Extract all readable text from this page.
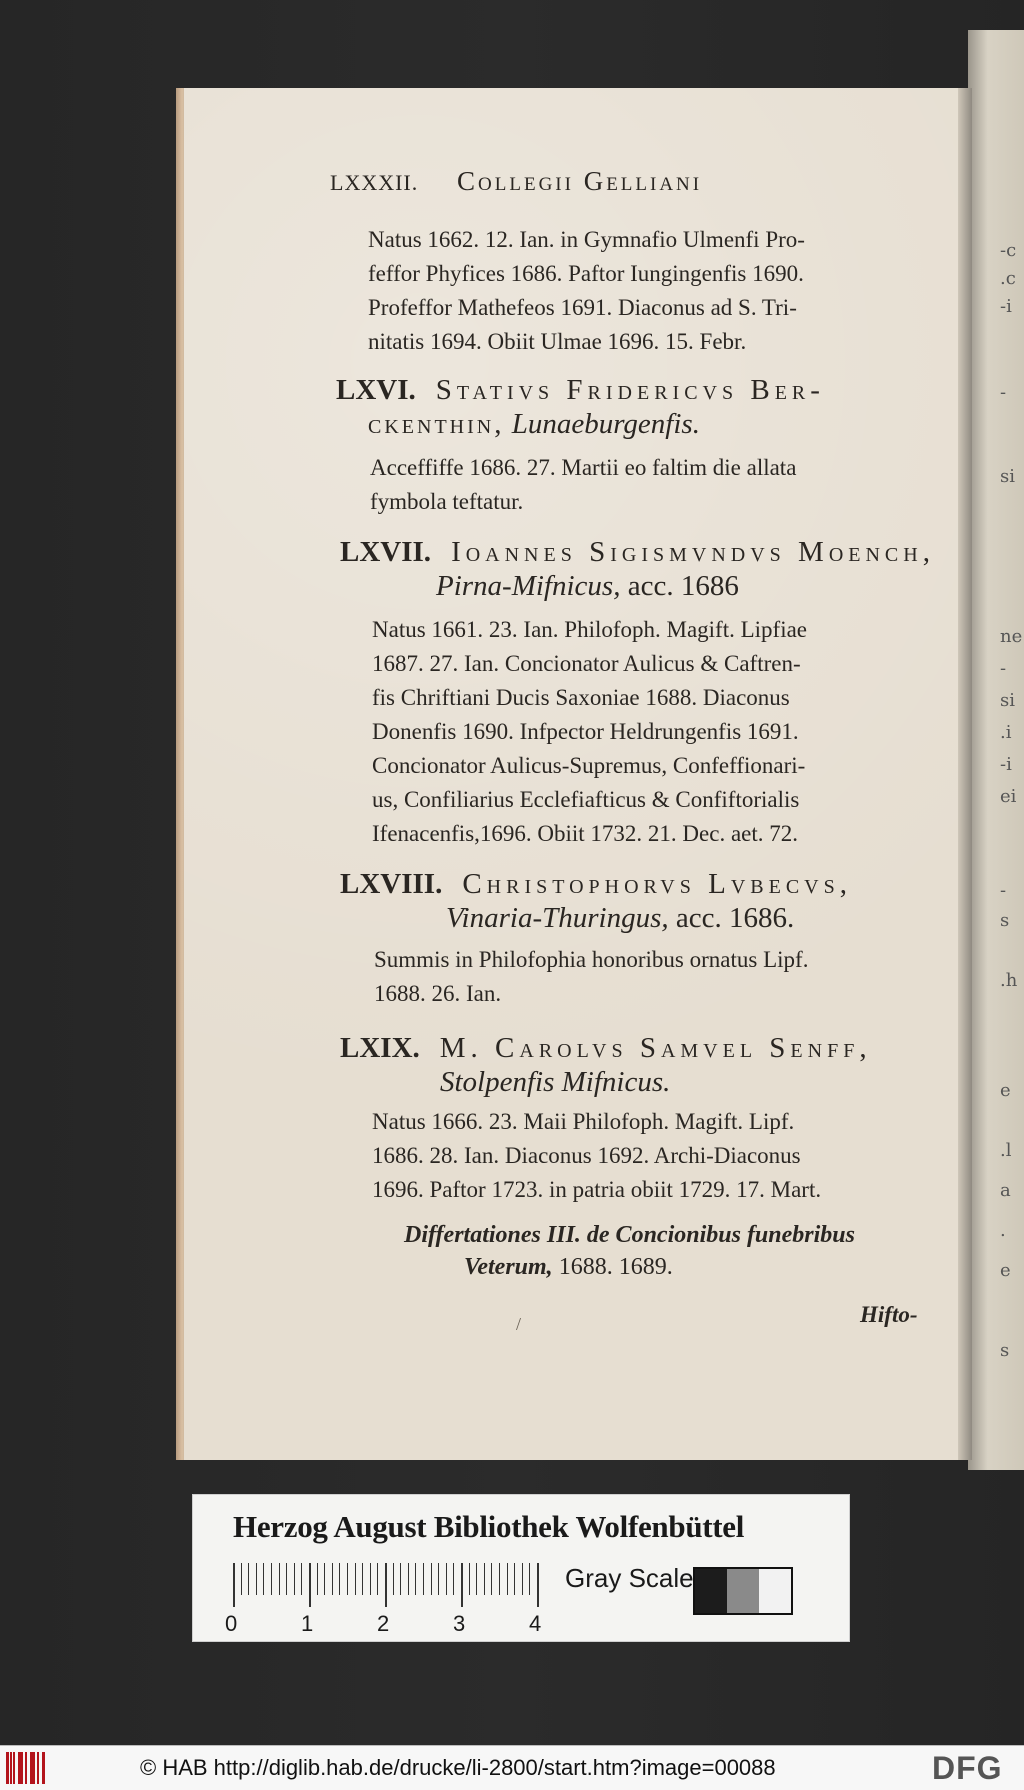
-c
.c
-i
-
si
ne
-
si
.i
-i
ei
-
s
.h
e
.l
a
.
e
s
LXXXII. Collegii Gelliani
Natus 1662. 12. Ian. in Gymnafio Ulmenfi Pro-
feffor Phyfices 1686. Paftor Iungingenfis 1690.
Profeffor Mathefeos 1691. Diaconus ad S. Tri-
nitatis 1694. Obiit Ulmae 1696. 15. Febr.
LXVI. Stativs Fridericvs Ber-
ckenthin, Lunaeburgenfis.
Acceffiffe 1686. 27. Martii eo faltim die allata
fymbola teftatur.
LXVII. Ioannes Sigismvndvs Moench,
Pirna-Mifnicus, acc. 1686
Natus 1661. 23. Ian. Philofoph. Magift. Lipfiae
1687. 27. Ian. Concionator Aulicus & Caftren-
fis Chriftiani Ducis Saxoniae 1688. Diaconus
Donenfis 1690. Infpector Heldrungenfis 1691.
Concionator Aulicus-Supremus, Confeffionari-
us, Confiliarius Ecclefiafticus & Confiftorialis
Ifenacenfis,1696. Obiit 1732. 21. Dec. aet. 72.
LXVIII. Christophorvs Lvbecvs,
Vinaria-Thuringus, acc. 1686.
Summis in Philofophia honoribus ornatus Lipf.
1688. 26. Ian.
LXIX. M. Carolvs Samvel Senff,
Stolpenfis Mifnicus.
Natus 1666. 23. Maii Philofoph. Magift. Lipf.
1686. 28. Ian. Diaconus 1692. Archi-Diaconus
1696. Paftor 1723. in patria obiit 1729. 17. Mart.
Differtationes III. de Concionibus funebribus
Veterum, 1688. 1689.
Hifto-
/
Herzog August Bibliothek Wolfenbüttel
0	1	2	3	4
Gray Scale
© HAB http://diglib.hab.de/drucke/li-2800/start.htm?image=00088	DFG
